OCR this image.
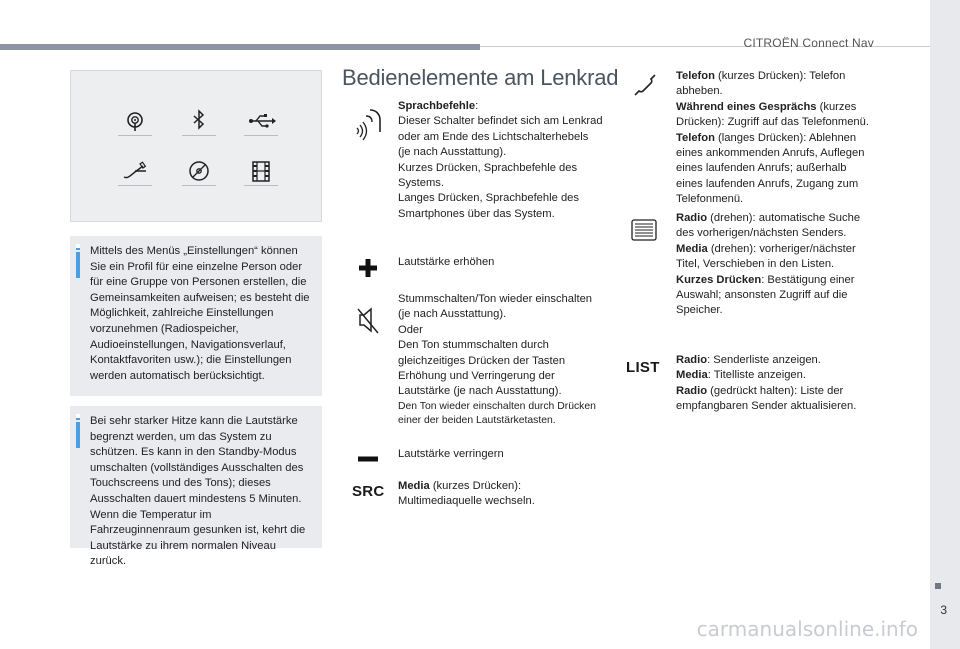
CITROËN Connect Nav
3
carmanualsonline.info

Mittels des Menüs „Einstellungen“ können Sie ein Profil für eine einzelne Person oder für eine Gruppe von Personen erstellen, die Gemeinsamkeiten aufweisen; es besteht die Möglichkeit, zahlreiche Einstellungen vorzunehmen (Radiospeicher, Audioeinstellungen, Navigationsverlauf, Kontaktfavoriten usw.); die Einstellungen werden automatisch berücksichtigt.

Bei sehr starker Hitze kann die Lautstärke begrenzt werden, um das System zu schützen. Es kann in den Standby-Modus umschalten (vollständiges Ausschalten des Touchscreens und des Tons); dieses Ausschalten dauert mindestens 5 Minuten. Wenn die Temperatur im Fahrzeuginnenraum gesunken ist, kehrt die Lautstärke zu ihrem normalen Niveau zurück.

Bedienelemente am Lenkrad

Sprachbefehle:

Dieser Schalter befindet sich am Lenkrad oder am Ende des Lichtschalterhebels (je nach Ausstattung).

Kurzes Drücken, Sprachbefehle des Systems.

Langes Drücken, Sprachbefehle des Smartphones über das System.

Lautstärke erhöhen

Stummschalten/Ton wieder einschalten (je nach Ausstattung).

Oder

Den Ton stummschalten durch gleichzeitiges Drücken der Tasten Erhöhung und Verringerung der Lautstärke (je nach Ausstattung).

Den Ton wieder einschalten durch Drücken einer der beiden Lautstärketasten.

Lautstärke verringern

SRC Media (kurzes Drücken): Multimediaquelle wechseln.

Telefon (kurzes Drücken): Telefon abheben.

Während eines Gesprächs (kurzes Drücken): Zugriff auf das Telefonmenü.

Telefon (langes Drücken): Ablehnen eines ankommenden Anrufs, Auflegen eines laufenden Anrufs; außerhalb eines laufenden Anrufs, Zugang zum Telefonmenü.

Radio (drehen): automatische Suche des vorherigen/nächsten Senders.

Media (drehen): vorheriger/nächster Titel, Verschieben in den Listen.

Kurzes Drücken: Bestätigung einer Auswahl; ansonsten Zugriff auf die Speicher.

LIST Radio: Senderliste anzeigen.

Media: Titelliste anzeigen.

Radio (gedrückt halten): Liste der empfangbaren Sender aktualisieren.
